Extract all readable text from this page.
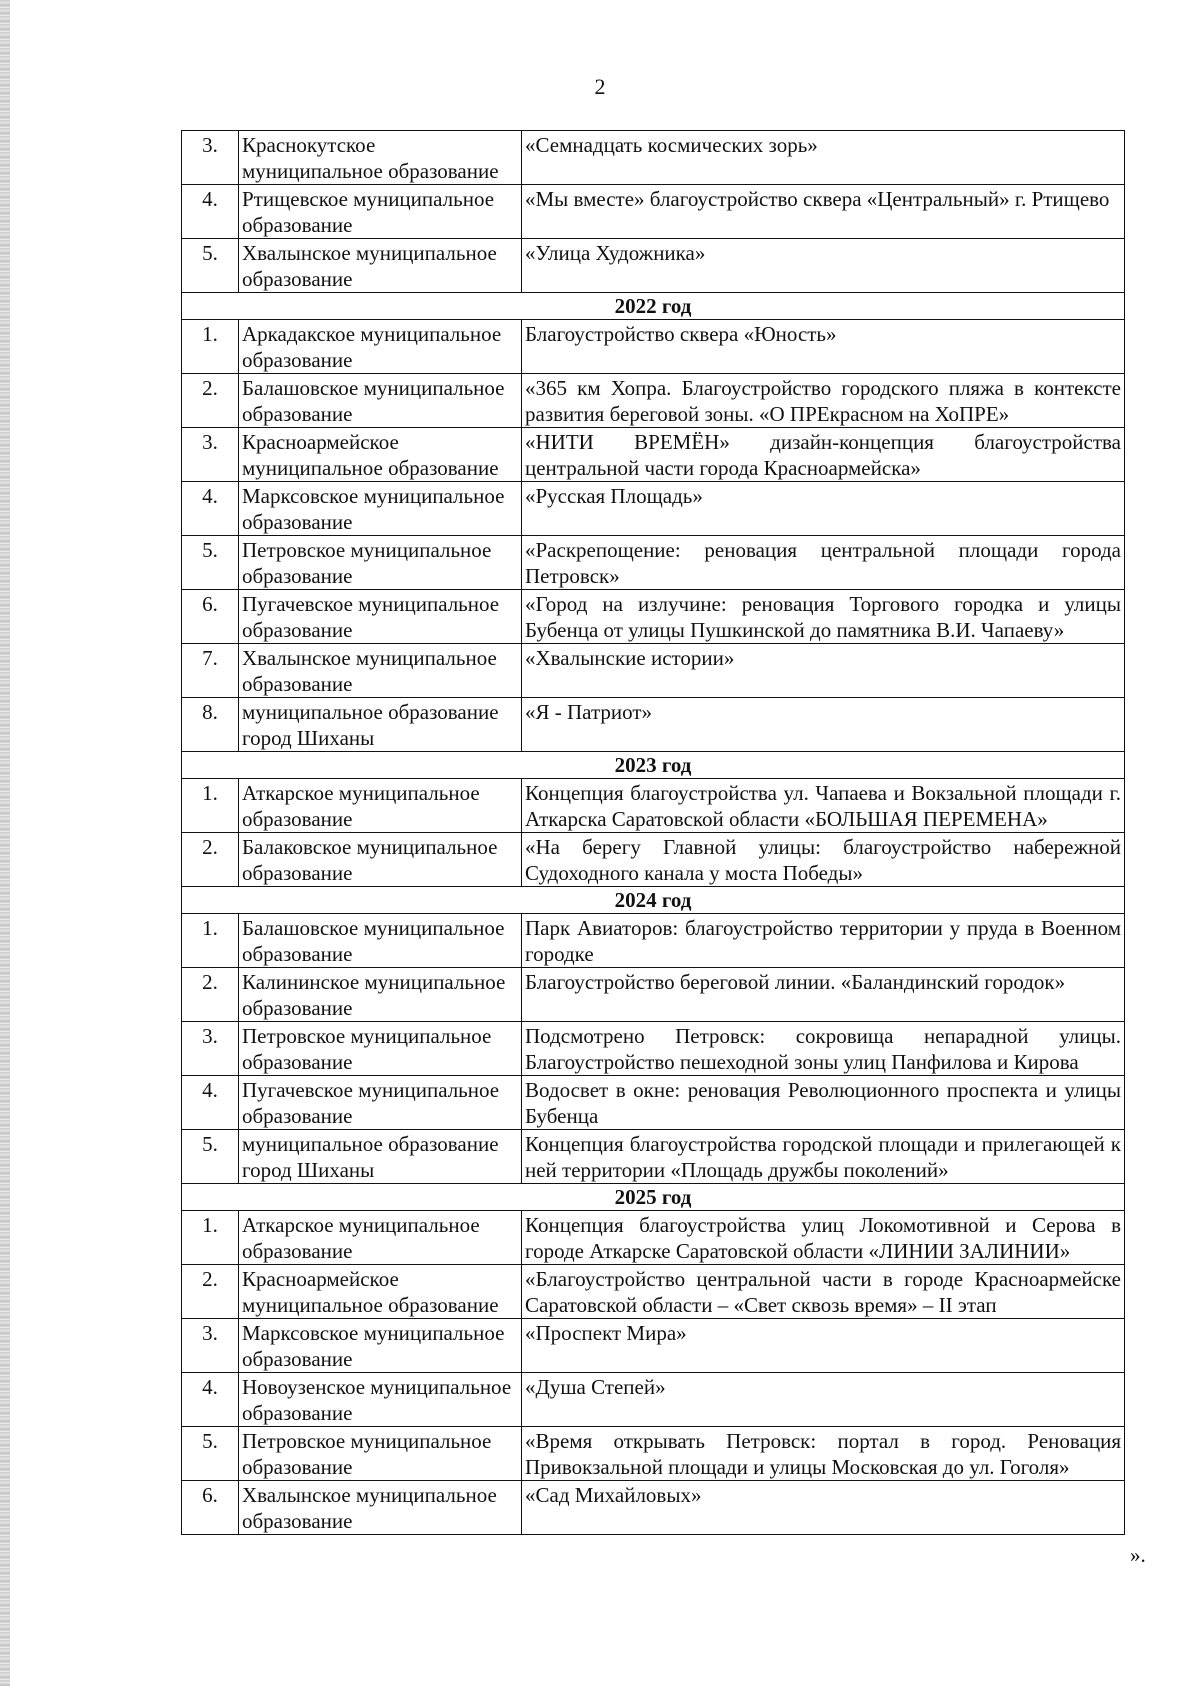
2
3.	Краснокутское муниципальное образование	«Семнадцать космических зорь»
4.	Ртищевское муниципальное образование	«Мы вместе» благоустройство сквера «Центральный» г. Ртищево
5.	Хвалынское муниципальное образование	«Улица Художника»
2022 год		
1.	Аркадакское муниципальное образование	Благоустройство сквера «Юность»
2.	Балашовское муниципальное образование	«365 км Хопра. Благоустройство городского пляжа в контексте развития береговой зоны. «О ПРЕкрасном на ХоПРЕ»
3.	Красноармейское муниципальное образование	«НИТИ ВРЕМЁН» дизайн-концепция благоустройства центральной части города Красноармейска»
4.	Марксовское муниципальное образование	«Русская Площадь»
5.	Петровское муниципальное образование	«Раскрепощение: реновация центральной площади города Петровск»
6.	Пугачевское муниципальное образование	«Город на излучине: реновация Торгового городка и улицы Бубенца от улицы Пушкинской до памятника В.И. Чапаеву»
7.	Хвалынское муниципальное образование	«Хвалынские истории»
8.	муниципальное образование город Шиханы	«Я - Патриот»
2023 год		
1.	Аткарское муниципальное образование	Концепция благоустройства ул. Чапаева и Вокзальной площади г. Аткарска Саратовской области «БОЛЬШАЯ ПЕРЕМЕНА»
2.	Балаковское муниципальное образование	«На берегу Главной улицы: благоустройство набережной Судоходного канала у моста Победы»
2024 год		
1.	Балашовское муниципальное образование	Парк Авиаторов: благоустройство территории у пруда в Военном городке
2.	Калининское муниципальное образование	Благоустройство береговой линии. «Баландинский городок»
3.	Петровское муниципальное образование	Подсмотрено Петровск: сокровища непарадной улицы. Благоустройство пешеходной зоны улиц Панфилова и Кирова
4.	Пугачевское муниципальное образование	Водосвет в окне: реновация Революционного проспекта и улицы Бубенца
5.	муниципальное образование город Шиханы	Концепция благоустройства городской площади и прилегающей к ней территории «Площадь дружбы поколений»
2025 год		
1.	Аткарское муниципальное образование	Концепция благоустройства улиц Локомотивной и Серова в городе Аткарске Саратовской области «ЛИНИИ ЗАЛИНИИ»
2.	Красноармейское муниципальное образование	«Благоустройство центральной части в городе Красноармейске Саратовской области – «Свет сквозь время» – II этап
3.	Марксовское муниципальное образование	«Проспект Мира»
4.	Новоузенское муниципальное образование	«Душа Степей»
5.	Петровское муниципальное образование	«Время открывать Петровск: портал в город. Реновация Привокзальной площади и улицы Московская до ул. Гоголя»
6.	Хвалынское муниципальное образование	«Сад Михайловых»
».
